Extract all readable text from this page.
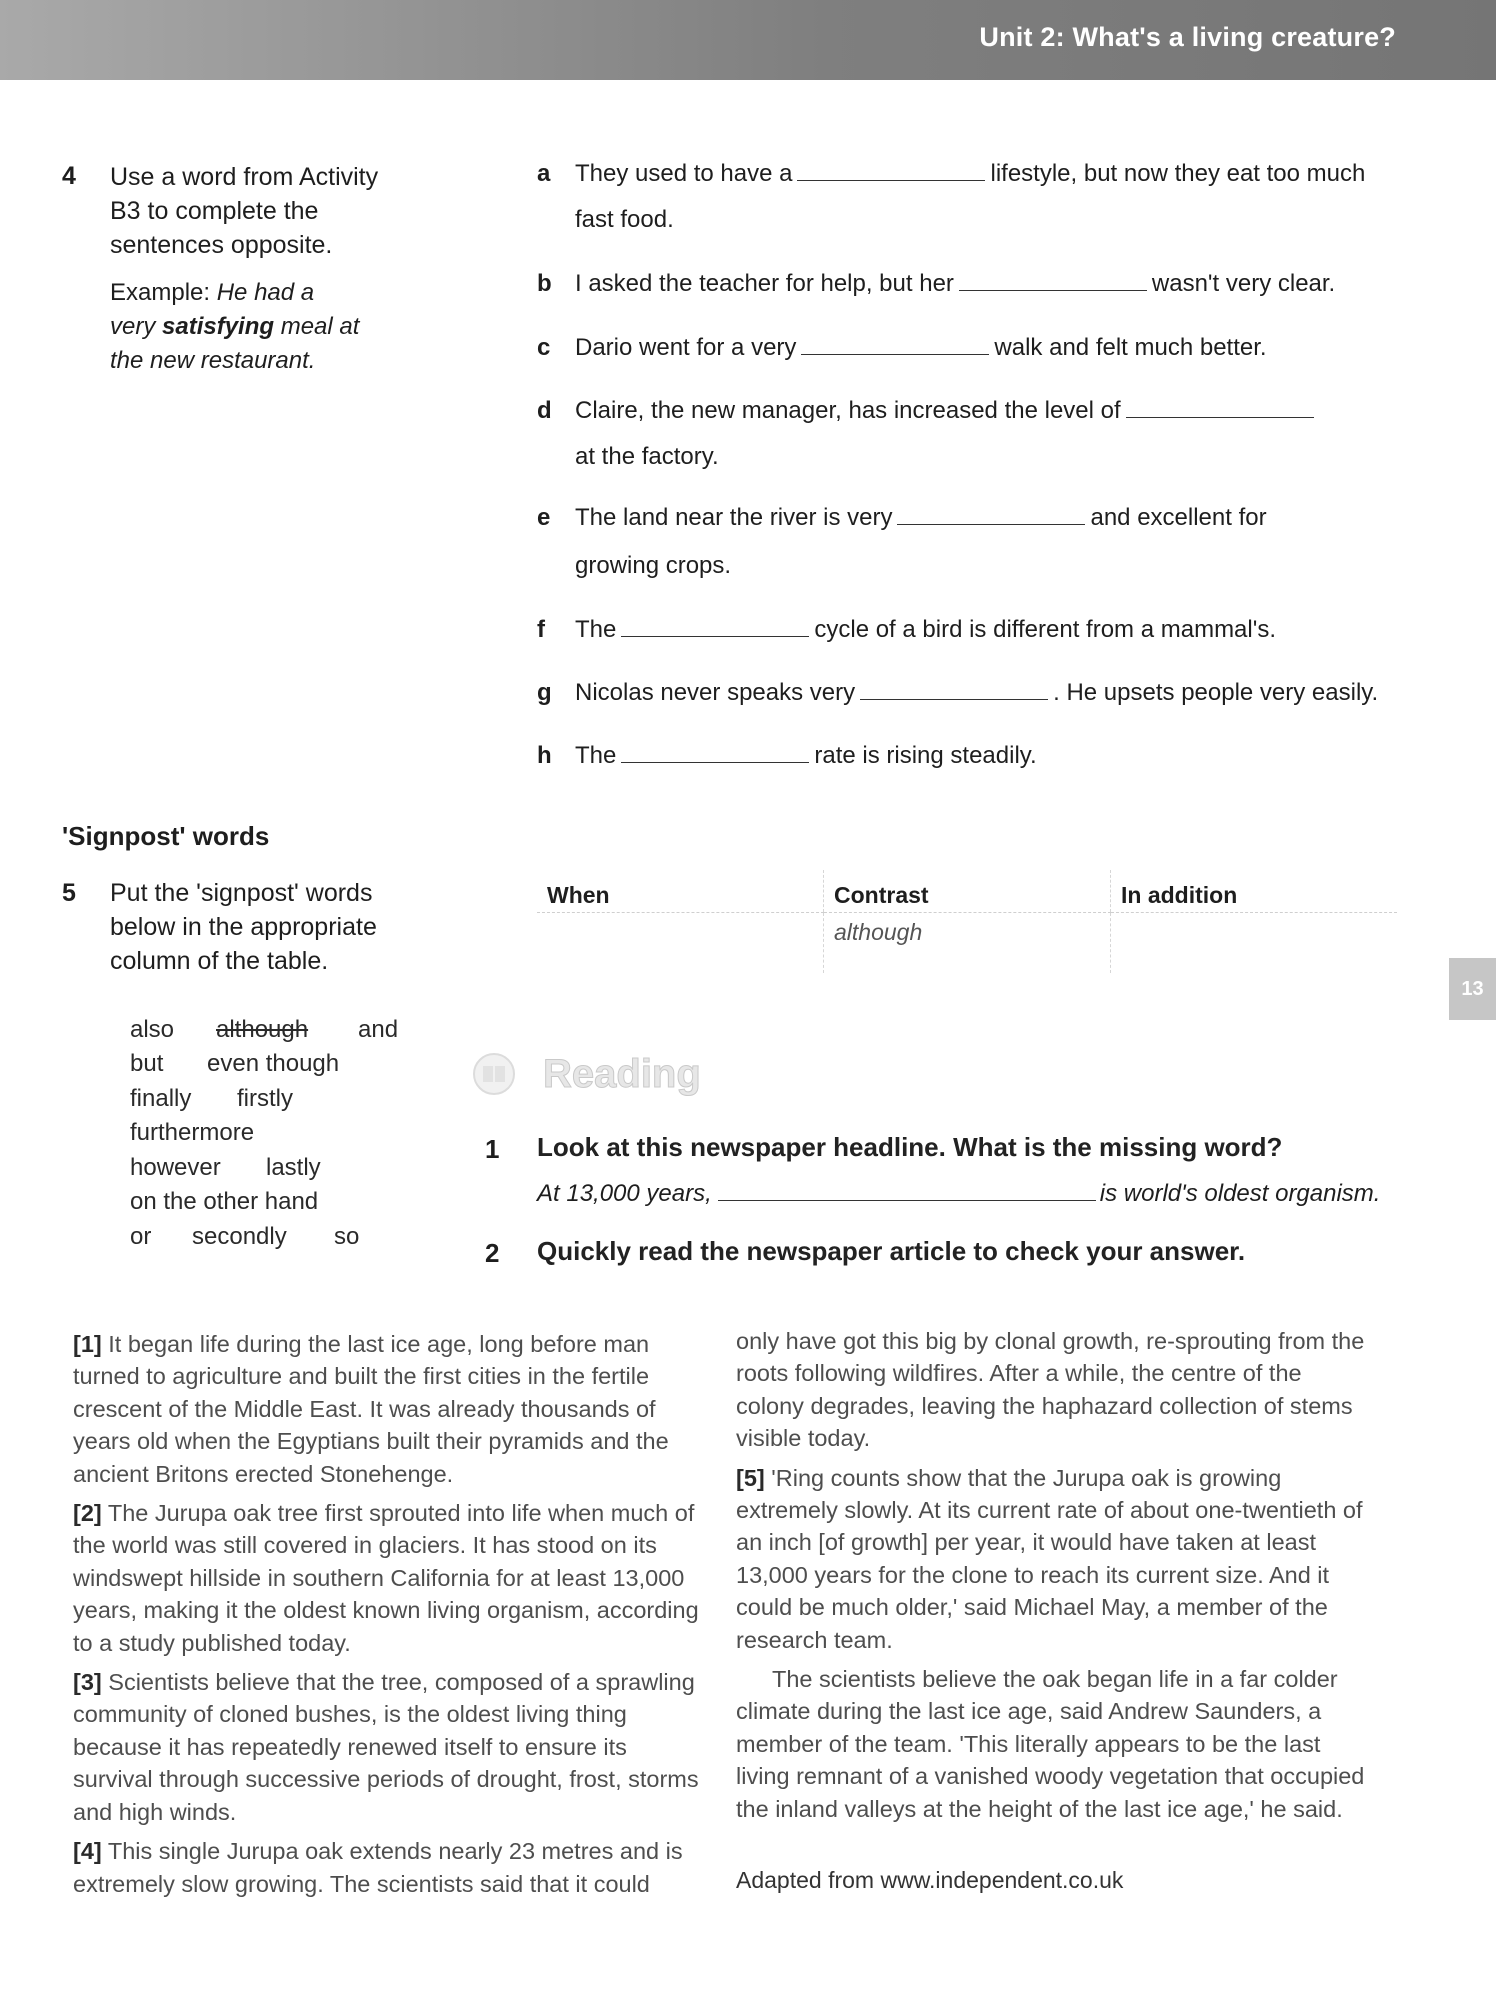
Unit 2: What's a living creature?
13
4 Use a word from Activity
B3 to complete the
sentences opposite.
Example: He had a
very satisfying meal at
the new restaurant.
a They used to have a	lifestyle, but now they eat too much
fast food.
b I asked the teacher for help, but her	wasn't very clear.
c Dario went for a very	walk and felt much better.
d Claire, the new manager, has increased the level of
at the factory.
e The land near the river is very	and excellent for
growing crops.
f The	cycle of a bird is different from a mammal's.
g Nicolas never speaks very	. He upsets people very easily.
h The	rate is rising steadily.
'Signpost' words
5 Put the 'signpost' words
below in the appropriate
column of the table.
also although and
but even though
finally firstly
furthermore
however lastly
on the other hand
or secondly so
When	Contrast	In addition
	although	
Reading
1 Look at this newspaper headline. What is the missing word?
At 13,000 years,	is world's oldest organism.
2 Quickly read the newspaper article to check your answer.

[1] It began life during the last ice age, long before man turned to agriculture and built the first cities in the fertile crescent of the Middle East. It was already thousands of years old when the Egyptians built their pyramids and the ancient Britons erected Stonehenge.

[2] The Jurupa oak tree first sprouted into life when much of the world was still covered in glaciers. It has stood on its windswept hillside in southern California for at least 13,000 years, making it the oldest known living organism, according to a study published today.

[3] Scientists believe that the tree, composed of a sprawling community of cloned bushes, is the oldest living thing because it has repeatedly renewed itself to ensure its survival through successive periods of drought, frost, storms and high winds.

[4] This single Jurupa oak extends nearly 23 metres and is extremely slow growing. The scientists said that it could

only have got this big by clonal growth, re-sprouting from the roots following wildfires. After a while, the centre of the colony degrades, leaving the haphazard collection of stems visible today.

[5] 'Ring counts show that the Jurupa oak is growing extremely slowly. At its current rate of about one-twentieth of an inch [of growth] per year, it would have taken at least 13,000 years for the clone to reach its current size. And it could be much older,' said Michael May, a member of the research team.

The scientists believe the oak began life in a far colder climate during the last ice age, said Andrew Saunders, a member of the team. 'This literally appears to be the last living remnant of a vanished woody vegetation that occupied the inland valleys at the height of the last ice age,' he said.

Adapted from www.independent.co.uk
